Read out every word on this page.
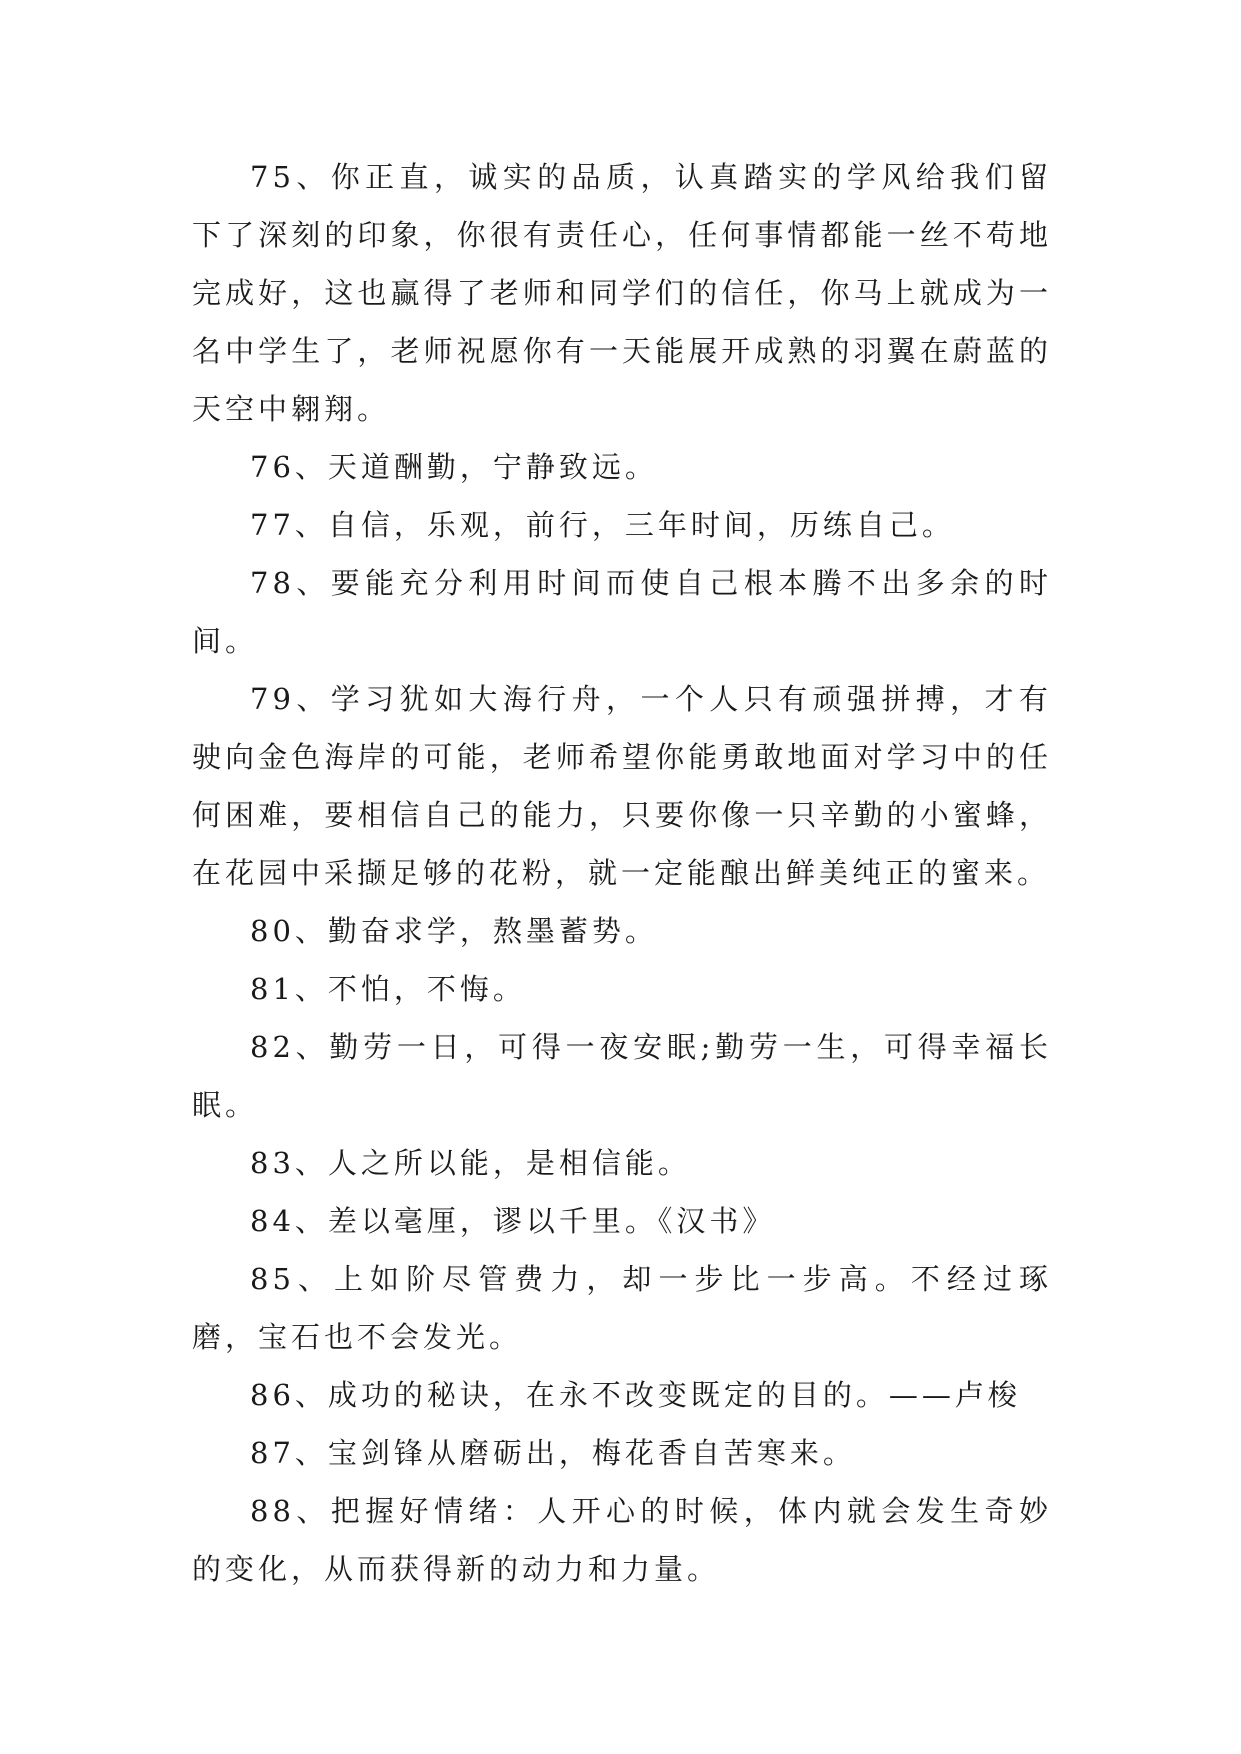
75、你正直，诚实的品质，认真踏实的学风给我们留下了深刻的印象，你很有责任心，任何事情都能一丝不苟地完成好，这也赢得了老师和同学们的信任，你马上就成为一名中学生了，老师祝愿你有一天能展开成熟的羽翼在蔚蓝的天空中翱翔。

76、天道酬勤，宁静致远。

77、自信，乐观，前行，三年时间，历练自己。

78、要能充分利用时间而使自己根本腾不出多余的时间。

79、学习犹如大海行舟，一个人只有顽强拼搏，才有驶向金色海岸的可能，老师希望你能勇敢地面对学习中的任何困难，要相信自己的能力，只要你像一只辛勤的小蜜蜂，在花园中采撷足够的花粉，就一定能酿出鲜美纯正的蜜来。

80、勤奋求学，熬墨蓄势。

81、不怕，不悔。

82、勤劳一日，可得一夜安眠;勤劳一生，可得幸福长眠。

83、人之所以能，是相信能。

84、差以毫厘，谬以千里。《汉书》

85、上如阶尽管费力，却一步比一步高。不经过琢磨，宝石也不会发光。

86、成功的秘诀，在永不改变既定的目的。——卢梭

87、宝剑锋从磨砺出，梅花香自苦寒来。

88、把握好情绪：人开心的时候，体内就会发生奇妙的变化，从而获得新的动力和力量。
